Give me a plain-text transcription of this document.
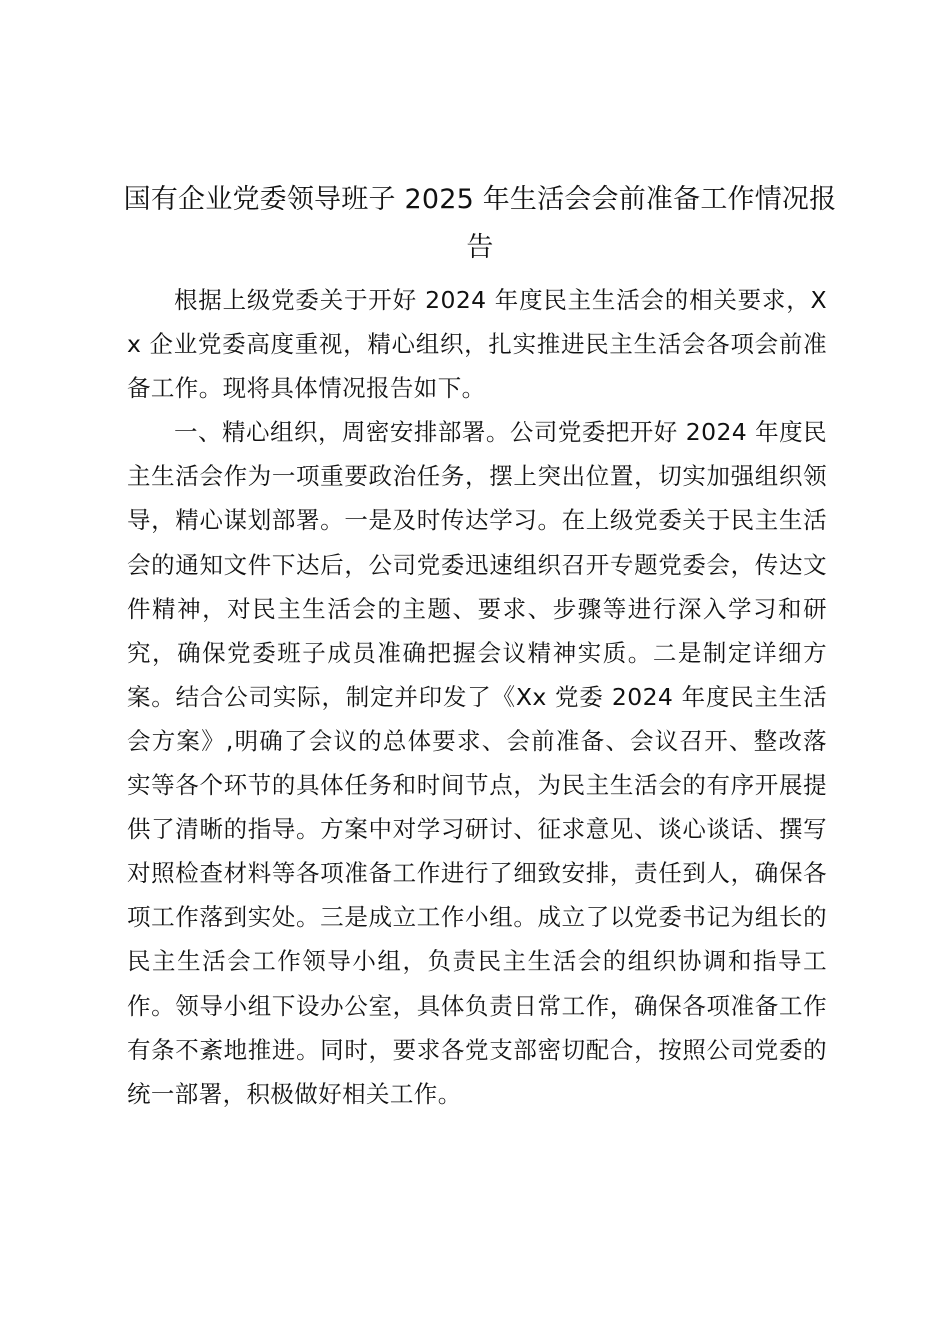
国有企业党委领导班子 2025 年生活会会前准备工作情况报告

根据上级党委关于开好 2024 年度民主生活会的相关要求，Xx 企业党委高度重视，精心组织，扎实推进民主生活会各项会前准备工作。现将具体情况报告如下。

一、精心组织，周密安排部署。公司党委把开好 2024 年度民主生活会作为一项重要政治任务，摆上突出位置，切实加强组织领导，精心谋划部署。一是及时传达学习。在上级党委关于民主生活会的通知文件下达后，公司党委迅速组织召开专题党委会，传达文件精神，对民主生活会的主题、要求、步骤等进行深入学习和研究，确保党委班子成员准确把握会议精神实质。二是制定详细方案。结合公司实际，制定并印发了《Xx 党委 2024 年度民主生活会方案》,明确了会议的总体要求、会前准备、会议召开、整改落实等各个环节的具体任务和时间节点，为民主生活会的有序开展提供了清晰的指导。方案中对学习研讨、征求意见、谈心谈话、撰写对照检查材料等各项准备工作进行了细致安排，责任到人，确保各项工作落到实处。三是成立工作小组。成立了以党委书记为组长的民主生活会工作领导小组，负责民主生活会的组织协调和指导工作。领导小组下设办公室，具体负责日常工作，确保各项准备工作有条不紊地推进。同时，要求各党支部密切配合，按照公司党委的统一部署，积极做好相关工作。
